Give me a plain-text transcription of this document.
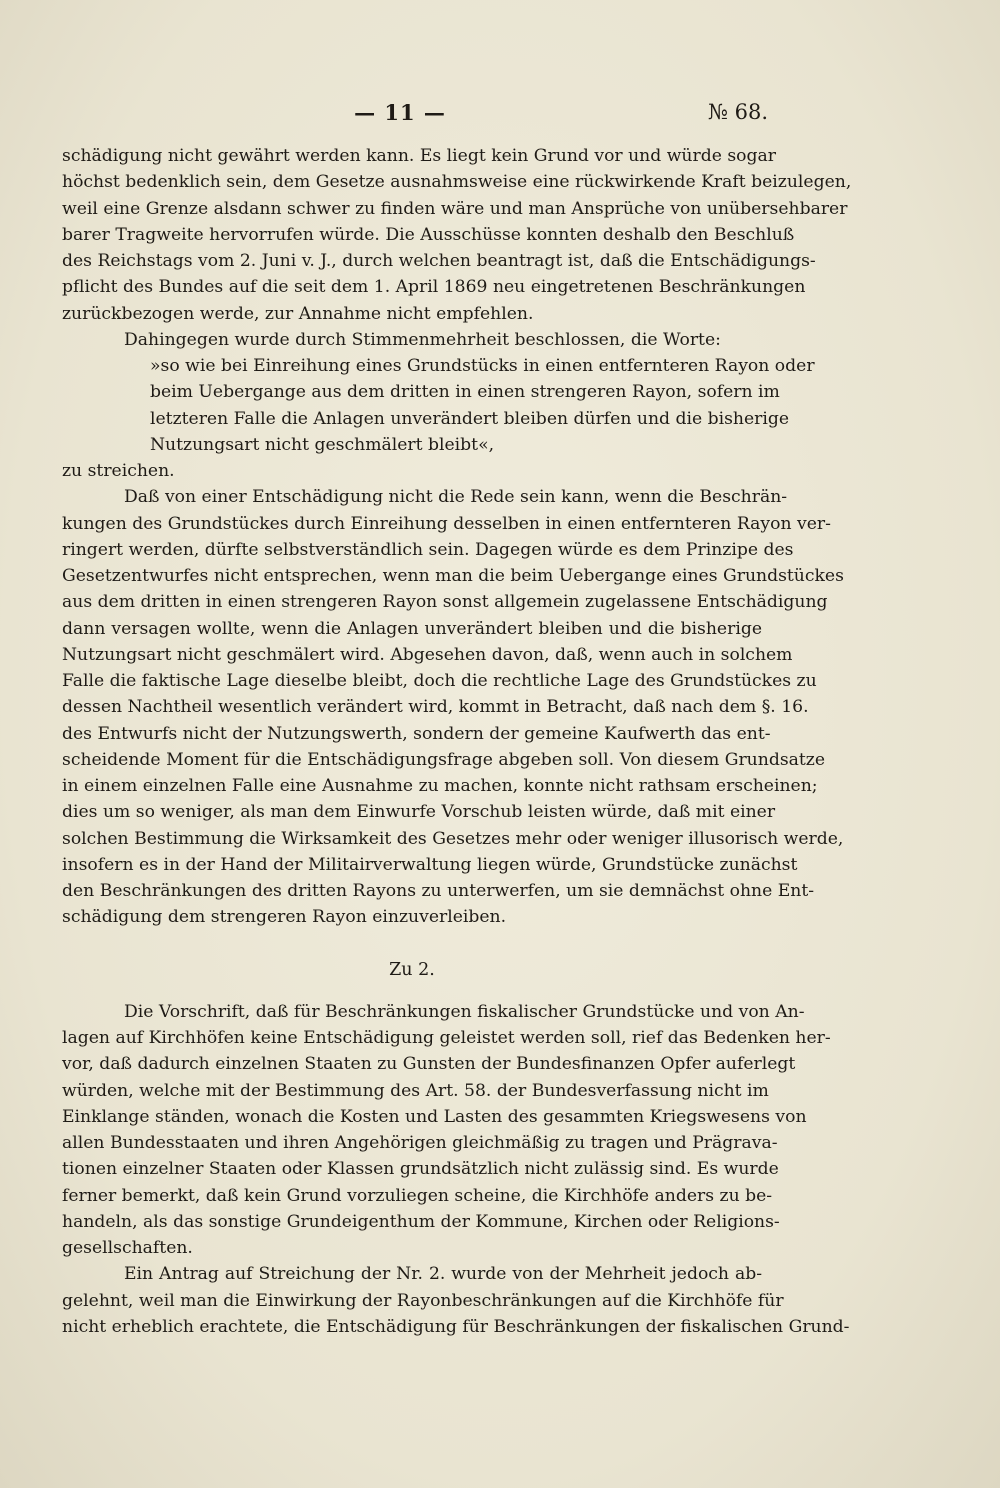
— 11 —	№ 68.
schädigung nicht gewährt werden kann. Es liegt kein Grund vor und würde sogar
höchst bedenklich sein, dem Gesetze ausnahmsweise eine rückwirkende Kraft beizulegen,
weil eine Grenze alsdann schwer zu finden wäre und man Ansprüche von unübersehbarer
barer Tragweite hervorrufen würde. Die Ausschüsse konnten deshalb den Beschluß
des Reichstags vom 2. Juni v. J., durch welchen beantragt ist, daß die Entschädigungs-
pflicht des Bundes auf die seit dem 1. April 1869 neu eingetretenen Beschränkungen
zurückbezogen werde, zur Annahme nicht empfehlen.
Dahingegen wurde durch Stimmenmehrheit beschlossen, die Worte:
»so wie bei Einreihung eines Grundstücks in einen entfernteren Rayon oder
beim Uebergange aus dem dritten in einen strengeren Rayon, sofern im
letzteren Falle die Anlagen unverändert bleiben dürfen und die bisherige
Nutzungsart nicht geschmälert bleibt«,
zu streichen.
Daß von einer Entschädigung nicht die Rede sein kann, wenn die Beschrän-
kungen des Grundstückes durch Einreihung desselben in einen entfernteren Rayon ver-
ringert werden, dürfte selbstverständlich sein. Dagegen würde es dem Prinzipe des
Gesetzentwurfes nicht entsprechen, wenn man die beim Uebergange eines Grundstückes
aus dem dritten in einen strengeren Rayon sonst allgemein zugelassene Entschädigung
dann versagen wollte, wenn die Anlagen unverändert bleiben und die bisherige
Nutzungsart nicht geschmälert wird. Abgesehen davon, daß, wenn auch in solchem
Falle die faktische Lage dieselbe bleibt, doch die rechtliche Lage des Grundstückes zu
dessen Nachtheil wesentlich verändert wird, kommt in Betracht, daß nach dem §. 16.
des Entwurfs nicht der Nutzungswerth, sondern der gemeine Kaufwerth das ent-
scheidende Moment für die Entschädigungsfrage abgeben soll. Von diesem Grundsatze
in einem einzelnen Falle eine Ausnahme zu machen, konnte nicht rathsam erscheinen;
dies um so weniger, als man dem Einwurfe Vorschub leisten würde, daß mit einer
solchen Bestimmung die Wirksamkeit des Gesetzes mehr oder weniger illusorisch werde,
insofern es in der Hand der Militairverwaltung liegen würde, Grundstücke zunächst
den Beschränkungen des dritten Rayons zu unterwerfen, um sie demnächst ohne Ent-
schädigung dem strengeren Rayon einzuverleiben.
Zu 2.
Die Vorschrift, daß für Beschränkungen fiskalischer Grundstücke und von An-
lagen auf Kirchhöfen keine Entschädigung geleistet werden soll, rief das Bedenken her-
vor, daß dadurch einzelnen Staaten zu Gunsten der Bundesfinanzen Opfer auferlegt
würden, welche mit der Bestimmung des Art. 58. der Bundesverfassung nicht im
Einklange ständen, wonach die Kosten und Lasten des gesammten Kriegswesens von
allen Bundesstaaten und ihren Angehörigen gleichmäßig zu tragen und Prägrava-
tionen einzelner Staaten oder Klassen grundsätzlich nicht zulässig sind. Es wurde
ferner bemerkt, daß kein Grund vorzuliegen scheine, die Kirchhöfe anders zu be-
handeln, als das sonstige Grundeigenthum der Kommune, Kirchen oder Religions-
gesellschaften.
Ein Antrag auf Streichung der Nr. 2. wurde von der Mehrheit jedoch ab-
gelehnt, weil man die Einwirkung der Rayonbeschränkungen auf die Kirchhöfe für
nicht erheblich erachtete, die Entschädigung für Beschränkungen der fiskalischen Grund-
